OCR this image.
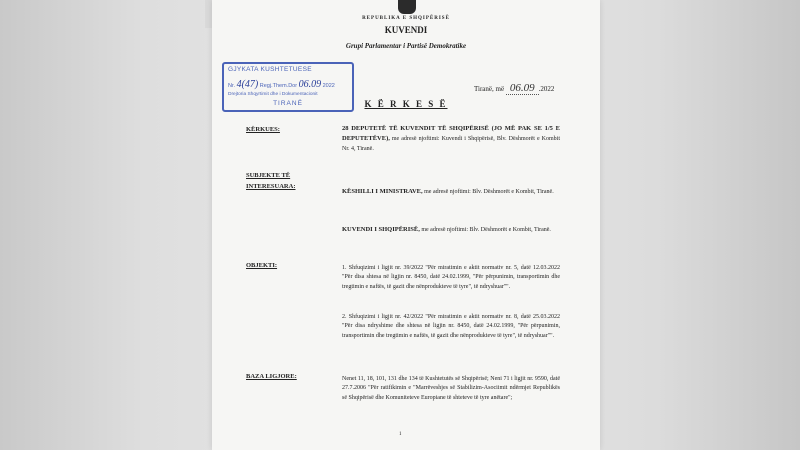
REPUBLIKA E SHQIPËRISË
KUVENDI
Grupi Parlamentar i Partisë Demokratike
GJYKATA KUSHTETUESE
Nr. 4(47) Regj.Them.Dor 06.09 2022
Drejtoria Shqyrtimit dhe i Dokumentacionit
TIRANË
Tiranë, më 06.09 .2022
K Ë R K E S Ë
KËRKUES:	28 DEPUTETË TË KUVENDIT TË SHQIPËRISË (JO MË PAK SE 1/5 E DEPUTETËVE), me adresë njoftimi: Kuvendi i Shqipërisë, Blv. Dëshmorët e Kombit Nr. 4, Tiranë.
SUBJEKTE TË INTERESUARA:
KËSHILLI I MINISTRAVE, me adresë njoftimi: Blv. Dëshmorët e Kombit, Tiranë.
KUVENDI I SHQIPËRISË, me adresë njoftimi: Blv. Dëshmorët e Kombit, Tiranë.
OBJEKTI:	1. Shfuqizimi i ligjit nr. 39/2022 "Për miratimin e aktit normativ nr. 5, datë 12.03.2022 "Për disa shtesa në ligjin nr. 8450, datë 24.02.1999, "Për përpunimin, transportimin dhe tregtimin e naftës, të gazit dhe nënprodukteve të tyre", të ndryshuar"".
2. Shfuqizimi i ligjit nr. 42/2022 "Për miratimin e aktit normativ nr. 8, datë 25.03.2022 "Për disa ndryshime dhe shtesa në ligjin nr. 8450, datë 24.02.1999, "Për përpunimin, transportimin dhe tregtimin e naftës, të gazit dhe nënprodukteve të tyre", të ndryshuar"".
BAZA LIGJORE:	Nenet 11, 18, 101, 131 dhe 134 të Kushtetutës së Shqipërisë; Neni 71 i ligjit nr. 9590, datë 27.7.2006 "Për ratifikimin e "Marrëveshjes së Stabilizim-Asociimit ndërmjet Republikës së Shqipërisë dhe Komuniteteve Europiane të shteteve të tyre anëtare";
1
